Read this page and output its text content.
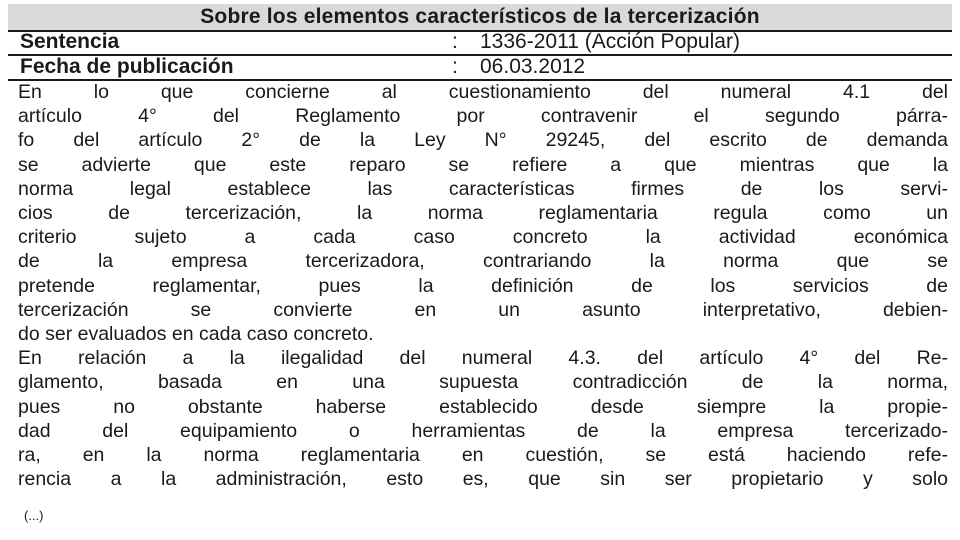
Sobre los elementos característicos de la tercerización
Sentencia	: 1336-2011 (Acción Popular)
Fecha de publicación	: 06.03.2012
En lo que concierne al cuestionamiento del numeral 4.1 del
artículo 4° del Reglamento por contravenir el segundo párra-
fo del artículo 2° de la Ley N° 29245, del escrito de demanda
se advierte que este reparo se refiere a que mientras que la
norma legal establece las características firmes de los servi-
cios de tercerización, la norma reglamentaria regula como un
criterio sujeto a cada caso concreto la actividad económica
de la empresa tercerizadora, contrariando la norma que se
pretende reglamentar, pues la definición de los servicios de
tercerización se convierte en un asunto interpretativo, debien-
do ser evaluados en cada caso concreto.
En relación a la ilegalidad del numeral 4.3. del artículo 4° del Re-
glamento, basada en una supuesta contradicción de la norma,
pues no obstante haberse establecido desde siempre la propie-
dad del equipamiento o herramientas de la empresa tercerizado-
ra, en la norma reglamentaria en cuestión, se está haciendo refe-
rencia a la administración, esto es, que sin ser propietario y solo
(...)
